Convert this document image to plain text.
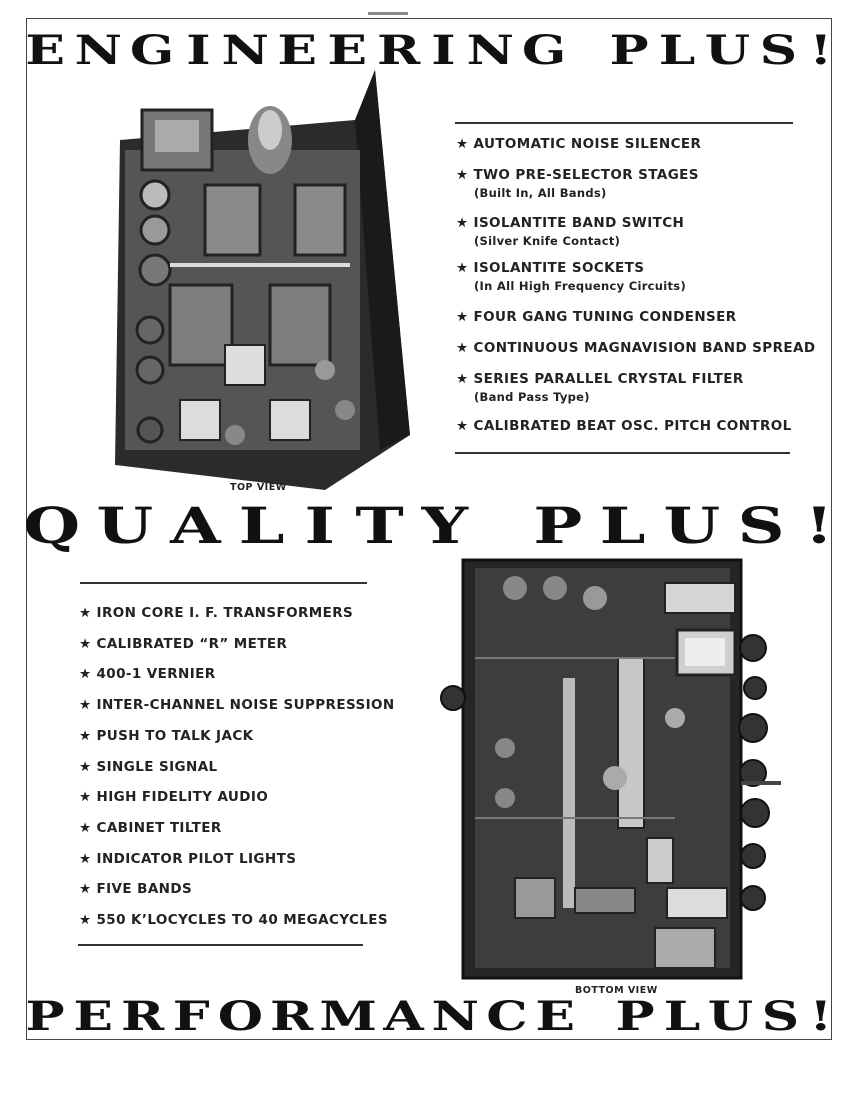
E N G I N E E R I N G
P L U S !
TOP VIEW
★ AUTOMATIC NOISE SILENCER
★ TWO PRE-SELECTOR STAGES
(Built In, All Bands)
★ ISOLANTITE BAND SWITCH
(Silver Knife Contact)
★ ISOLANTITE SOCKETS
(In All High Frequency Circuits)
★ FOUR GANG TUNING CONDENSER
★ CONTINUOUS MAGNAVISION BAND SPREAD
★ SERIES PARALLEL CRYSTAL FILTER
(Band Pass Type)
★ CALIBRATED BEAT OSC. PITCH CONTROL
Q U A L I T Y
P L U S !
★ IRON CORE I. F. TRANSFORMERS
★ CALIBRATED “R” METER
★ 400-1 VERNIER
★ INTER-CHANNEL NOISE SUPPRESSION
★ PUSH TO TALK JACK
★ SINGLE SIGNAL
★ HIGH FIDELITY AUDIO
★ CABINET TILTER
★ INDICATOR PILOT LIGHTS
★ FIVE BANDS
★ 550 K’LOCYCLES TO 40 MEGACYCLES
BOTTOM VIEW
P E R F O R M A N C E
P L U S !
